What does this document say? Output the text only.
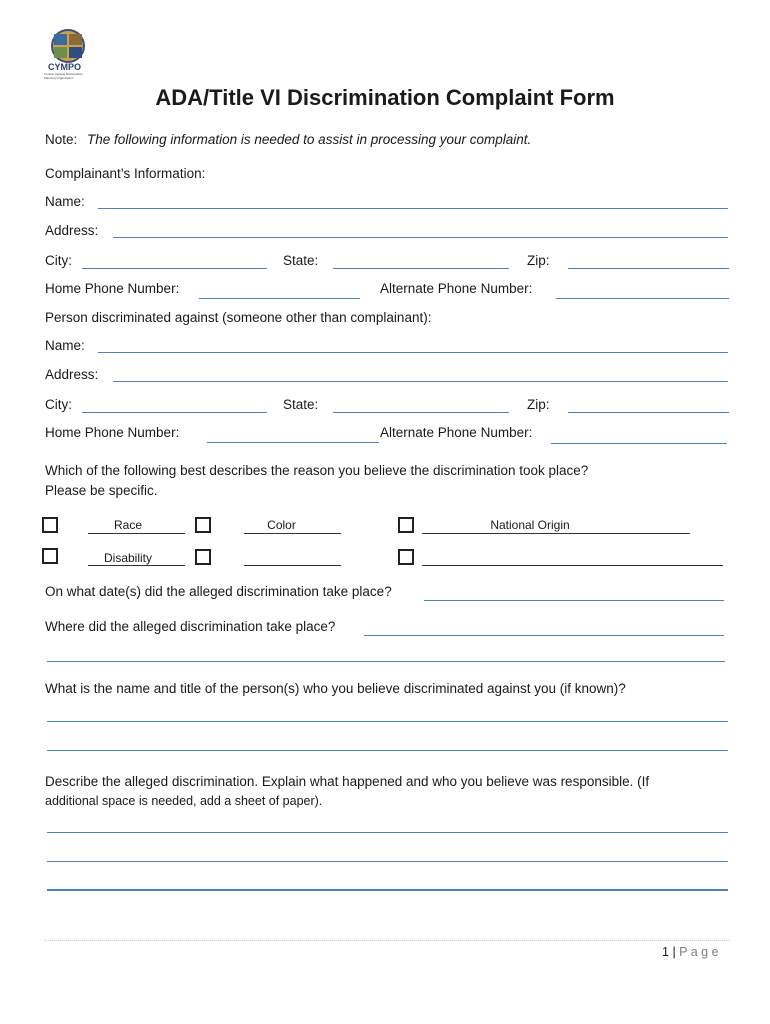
CYMPO
Central Yavapai Metropolitan Planning Organization
ADA/Title VI Discrimination Complaint Form
Note: The following information is needed to assist in processing your complaint.
Complainant’s Information:
Name:
Address:
City:	State:	Zip:
Home Phone Number:	Alternate Phone Number:
Person discriminated against (someone other than complainant):
Name:
Address:
City:	State:	Zip:
Home Phone Number:	Alternate Phone Number:
Which of the following best describes the reason you believe the discrimination took place?
Please be specific.
Race	Color	National Origin
Disability
On what date(s) did the alleged discrimination take place?
Where did the alleged discrimination take place?
What is the name and title of the person(s) who you believe discriminated against you (if known)?
Describe the alleged discrimination. Explain what happened and who you believe was responsible. (If
additional space is needed, add a sheet of paper).
1 | P a g e
